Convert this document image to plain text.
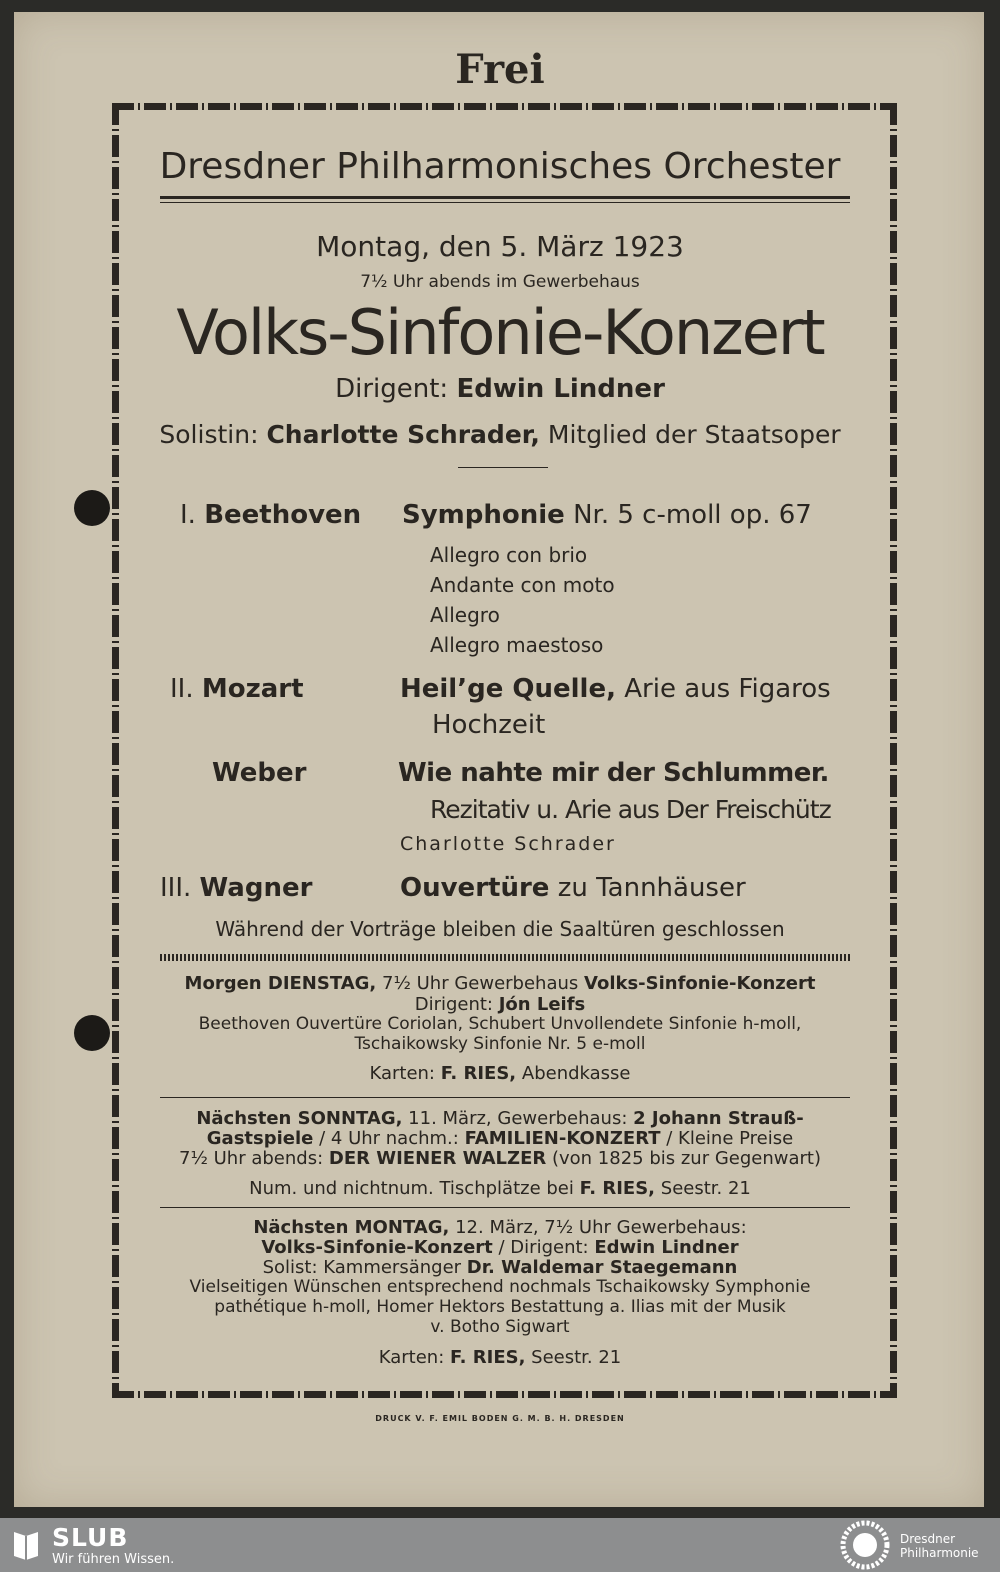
Frei
Dresdner Philharmonisches Orchester
Montag, den 5. März 1923
7½ Uhr abends im Gewerbehaus
Volks-Sinfonie-Konzert
Dirigent: Edwin Lindner
Solistin: Charlotte Schrader, Mitglied der Staatsoper
I. Beethoven Symphonie Nr. 5 c-moll op. 67
Allegro con brio
Andante con moto
Allegro
Allegro maestoso
II. Mozart	Heil’ge Quelle, Arie aus Figaros
Hochzeit
Weber	Wie nahte mir der Schlummer.
Rezitativ u. Arie aus Der Freischütz
Charlotte Schrader
III. Wagner	Ouvertüre zu Tannhäuser
Während der Vorträge bleiben die Saaltüren geschlossen
Morgen DIENSTAG, 7½ Uhr Gewerbehaus Volks-Sinfonie-Konzert
Dirigent: Jón Leifs
Beethoven Ouvertüre Coriolan, Schubert Unvollendete Sinfonie h-moll,
Tschaikowsky Sinfonie Nr. 5 e-moll
Karten: F. RIES, Abendkasse
Nächsten SONNTAG, 11. März, Gewerbehaus: 2 Johann Strauß-
Gastspiele / 4 Uhr nachm.: FAMILIEN-KONZERT / Kleine Preise
7½ Uhr abends: DER WIENER WALZER (von 1825 bis zur Gegenwart)
Num. und nichtnum. Tischplätze bei F. RIES, Seestr. 21
Nächsten MONTAG, 12. März, 7½ Uhr Gewerbehaus:
Volks-Sinfonie-Konzert / Dirigent: Edwin Lindner
Solist: Kammersänger Dr. Waldemar Staegemann
Vielseitigen Wünschen entsprechend nochmals Tschaikowsky Symphonie
pathétique h-moll, Homer Hektors Bestattung a. Ilias mit der Musik
v. Botho Sigwart
Karten: F. RIES, Seestr. 21
DRUCK V. F. EMIL BODEN G. M. B. H. DRESDEN
SLUB
Wir führen Wissen.
Dresdner
Philharmonie
